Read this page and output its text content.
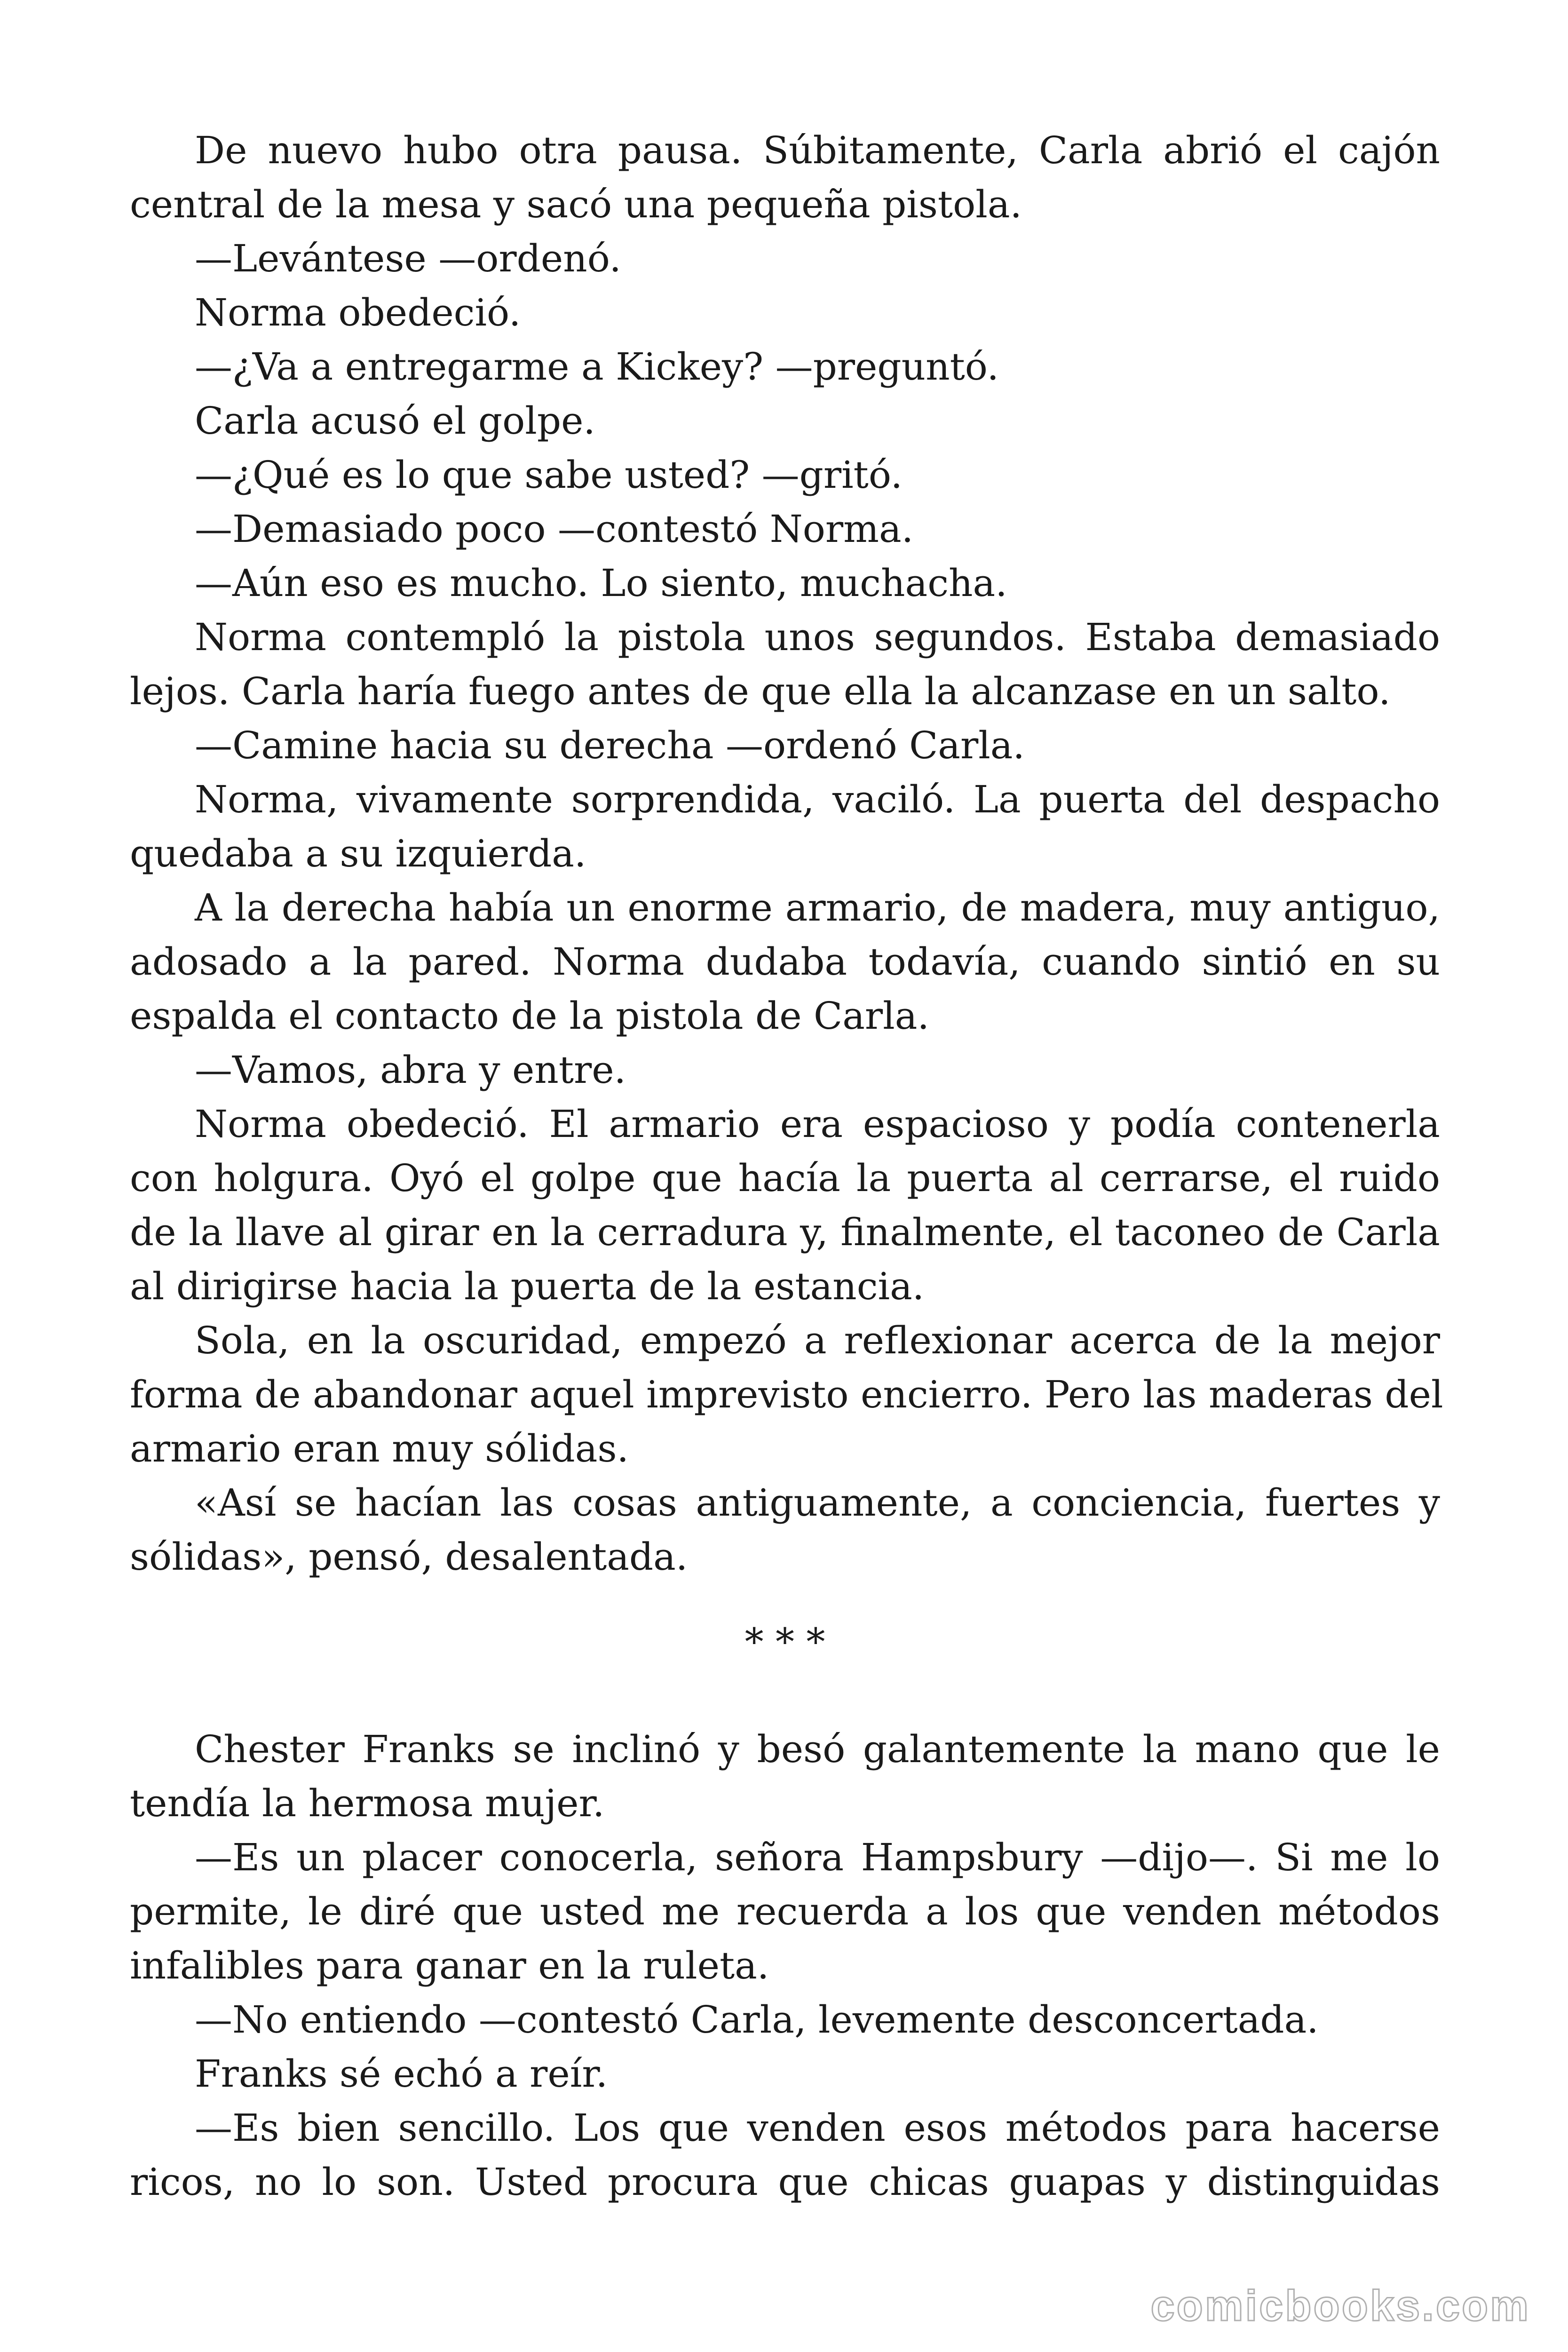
De nuevo hubo otra pausa. Súbitamente, Carla abrió el cajón
central de la mesa y sacó una pequeña pistola.
—Levántese —ordenó.
Norma obedeció.
—¿Va a entregarme a Kickey? —preguntó.
Carla acusó el golpe.
—¿Qué es lo que sabe usted? —gritó.
—Demasiado poco —contestó Norma.
—Aún eso es mucho. Lo siento, muchacha.
Norma contempló la pistola unos segundos. Estaba demasiado
lejos. Carla haría fuego antes de que ella la alcanzase en un salto.
—Camine hacia su derecha —ordenó Carla.
Norma, vivamente sorprendida, vaciló. La puerta del despacho
quedaba a su izquierda.
A la derecha había un enorme armario, de madera, muy antiguo,
adosado a la pared. Norma dudaba todavía, cuando sintió en su
espalda el contacto de la pistola de Carla.
—Vamos, abra y entre.
Norma obedeció. El armario era espacioso y podía contenerla
con holgura. Oyó el golpe que hacía la puerta al cerrarse, el ruido
de la llave al girar en la cerradura y, finalmente, el taconeo de Carla
al dirigirse hacia la puerta de la estancia.
Sola, en la oscuridad, empezó a reflexionar acerca de la mejor
forma de abandonar aquel imprevisto encierro. Pero las maderas del
armario eran muy sólidas.
«Así se hacían las cosas antiguamente, a conciencia, fuertes y
sólidas», pensó, desalentada.
* * *
Chester Franks se inclinó y besó galantemente la mano que le
tendía la hermosa mujer.
—Es un placer conocerla, señora Hampsbury —dijo—. Si me lo
permite, le diré que usted me recuerda a los que venden métodos
infalibles para ganar en la ruleta.
—No entiendo —contestó Carla, levemente desconcertada.
Franks sé echó a reír.
—Es bien sencillo. Los que venden esos métodos para hacerse
ricos, no lo son. Usted procura que chicas guapas y distinguidas
comicbooks.com
